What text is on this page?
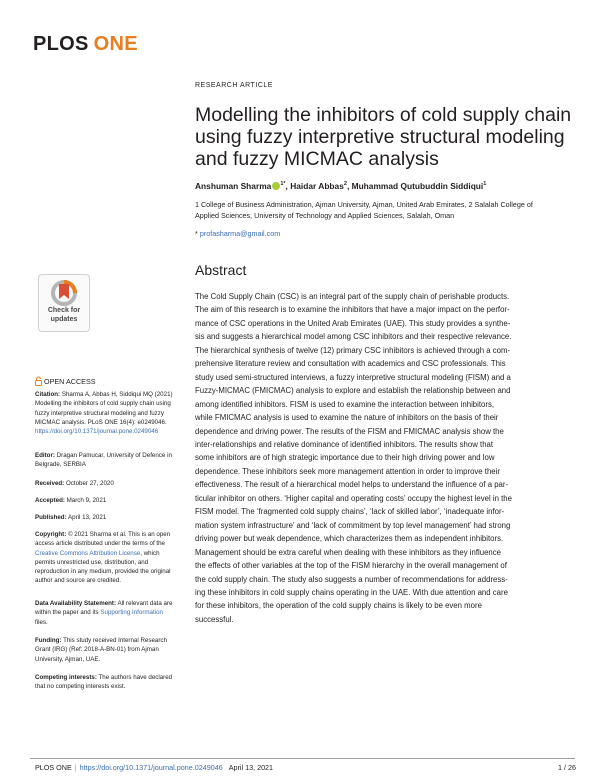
PLOS ONE
RESEARCH ARTICLE
Modelling the inhibitors of cold supply chain
using fuzzy interpretive structural modeling
and fuzzy MICMAC analysis
Anshuman Sharma $^{1*}$, Haidar Abbas$^2$, Muhammad Qutubuddin Siddiqui$^1$
1 College of Business Administration, Ajman University, Ajman, United Arab Emirates, 2 Salalah College of
Applied Sciences, University of Technology and Applied Sciences, Salalah, Oman
* profasharma@gmail.com
Abstract
The Cold Supply Chain (CSC) is an integral part of the supply chain of perishable products.
The aim of this research is to examine the inhibitors that have a major impact on the perfor-
mance of CSC operations in the United Arab Emirates (UAE). This study provides a synthe-
sis and suggests a hierarchical model among CSC inhibitors and their respective relevance.
The hierarchical synthesis of twelve (12) primary CSC inhibitors is achieved through a com-
prehensive literature review and consultation with academics and CSC professionals. This
study used semi-structured interviews, a fuzzy interpretive structural modeling (FISM) and a
Fuzzy-MICMAC (FMICMAC) analysis to explore and establish the relationship between and
among identified inhibitors. FISM is used to examine the interaction between inhibitors,
while FMICMAC analysis is used to examine the nature of inhibitors on the basis of their
dependence and driving power. The results of the FISM and FMICMAC analysis show the
inter-relationships and relative dominance of identified inhibitors. The results show that
some inhibitors are of high strategic importance due to their high driving power and low
dependence. These inhibitors seek more management attention in order to improve their
effectiveness. The result of a hierarchical model helps to understand the influence of a par-
ticular inhibitor on others. ‘Higher capital and operating costs’ occupy the highest level in the
FISM model. The ‘fragmented cold supply chains’, ‘lack of skilled labor’, ‘inadequate infor-
mation system infrastructure’ and ‘lack of commitment by top level management’ had strong
driving power but weak dependence, which characterizes them as independent inhibitors.
Management should be extra careful when dealing with these inhibitors as they influence
the effects of other variables at the top of the FISM hierarchy in the overall management of
the cold supply chain. The study also suggests a number of recommendations for address-
ing these inhibitors in cold supply chains operating in the UAE. With due attention and care
for these inhibitors, the operation of the cold supply chains is likely to be even more
successful.
Check for
updates
OPEN ACCESS
Citation: Sharma A, Abbas H, Siddiqui MQ (2021)
Modelling the inhibitors of cold supply chain using
fuzzy interpretive structural modeling and fuzzy
MICMAC analysis. PLoS ONE 16(4): e0249046.
https://doi.org/10.1371/journal.pone.0249046
Editor: Dragan Pamucar, University of Defence in
Belgrade, SERBIA
Received: October 27, 2020
Accepted: March 9, 2021
Published: April 13, 2021
Copyright: © 2021 Sharma et al. This is an open
access article distributed under the terms of the
Creative Commons Attribution License, which
permits unrestricted use, distribution, and
reproduction in any medium, provided the original
author and source are credited.
Data Availability Statement: All relevant data are
within the paper and its Supporting Information
files.
Funding: This study received Internal Research
Grant (IRG) (Ref: 2018-A-BN-01) from Ajman
University, Ajman, UAE.
Competing interests: The authors have declared
that no competing interests exist.
PLOS ONE | https://doi.org/10.1371/journal.pone.0249046 April 13, 2021	1 / 26
